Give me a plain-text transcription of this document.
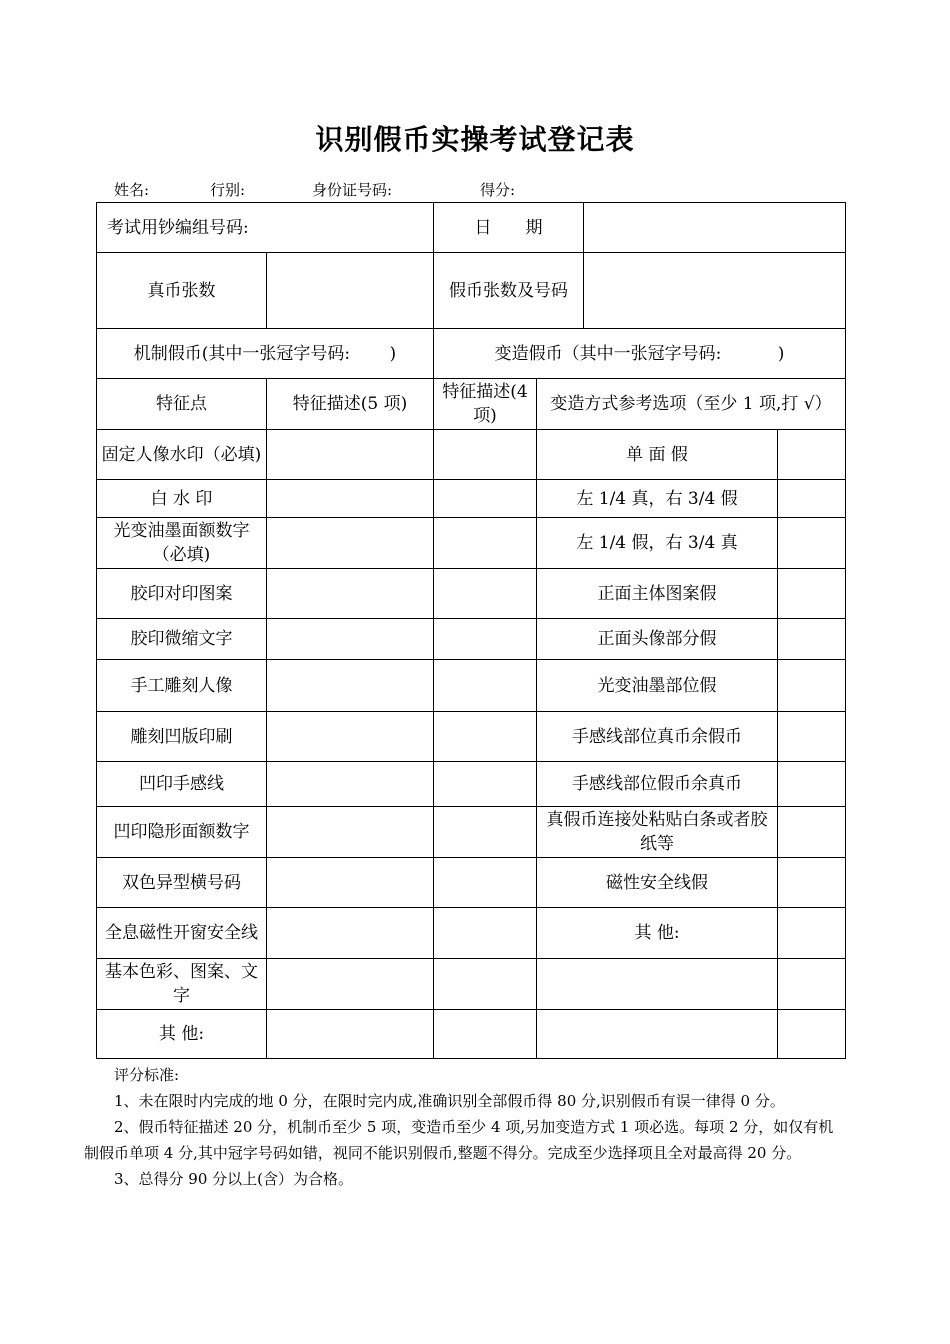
识别假币实操考试登记表
姓名:	行别:	身份证号码:	得分:
考试用钞编组号码:		日　　期			
真币张数		假币张数及号码			
机制假币(其中一张冠字号码:　　 )		变造假币（其中一张冠字号码:　　　 )			
特征点	特征描述(5 项)	特征描述(4 项)	变造方式参考选项（至少 1 项,打 √）		
固定人像水印（必填)			单 面 假		
白 水 印			左 1/4 真，右 3/4 假		
光变油墨面额数字（必填)			左 1/4 假，右 3/4 真		
胶印对印图案			正面主体图案假		
胶印微缩文字			正面头像部分假		
手工雕刻人像			光变油墨部位假		
雕刻凹版印刷			手感线部位真币余假币		
凹印手感线			手感线部位假币余真币		
凹印隐形面额数字			真假币连接处粘贴白条或者胶纸等		
双色异型横号码			磁性安全线假		
全息磁性开窗安全线			其 他:		
基本色彩、图案、文字					
其 他:					

评分标准:

1、未在限时内完成的地 0 分，在限时完内成,准确识别全部假币得 80 分,识别假币有误一律得 0 分。

2、假币特征描述 20 分，机制币至少 5 项，变造币至少 4 项,另加变造方式 1 项必选。每项 2 分，如仅有机制假币单项 4 分,其中冠字号码如错，视同不能识别假币,整题不得分。完成至少选择项且全对最高得 20 分。

3、总得分 90 分以上(含）为合格。
